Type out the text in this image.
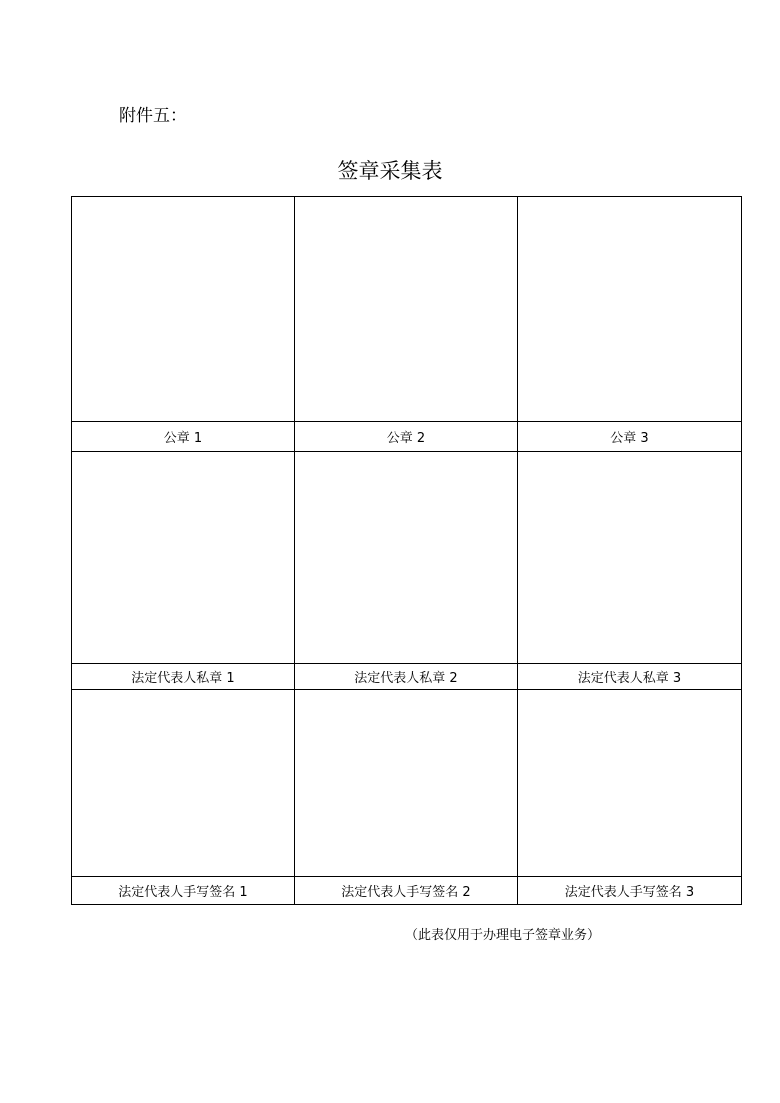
附件五：
签章采集表

公章 1	公章 2	公章 3

法定代表人私章 1	法定代表人私章 2	法定代表人私章 3

法定代表人手写签名 1	法定代表人手写签名 2	法定代表人手写签名 3
（此表仅用于办理电子签章业务）
